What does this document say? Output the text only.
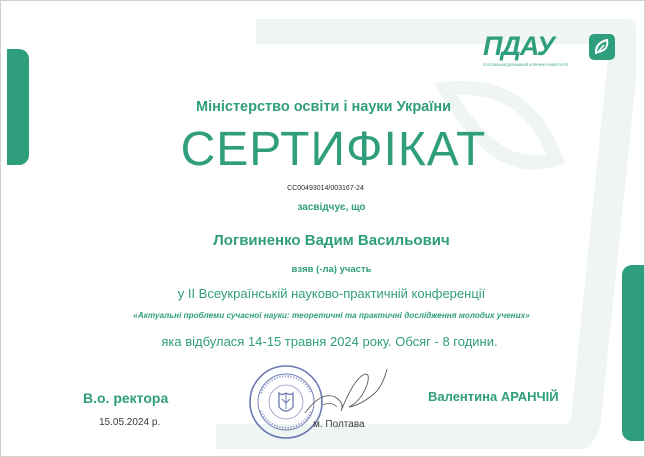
ПДАУ
ПОЛТАВСЬКИЙ ДЕРЖАВНИЙ АГРАРНИЙ УНІВЕРСИТЕТ
Міністерство освіти і науки України
СЕРТИФІКАТ
СС00493014/003167-24
засвідчує, що
Логвиненко Вадим Васильович
взяв (-ла) участь
у ІІ Всеукраїнській науково-практичній конференції
«Актуальні проблеми сучасної науки: теоретичні та практичні дослідження молодих учених»
яка відбулася 14-15 травня 2024 року. Обсяг - 8 години.
В.о. ректора
15.05.2024 р.	м. Полтава
Валентина АРАНЧІЙ
